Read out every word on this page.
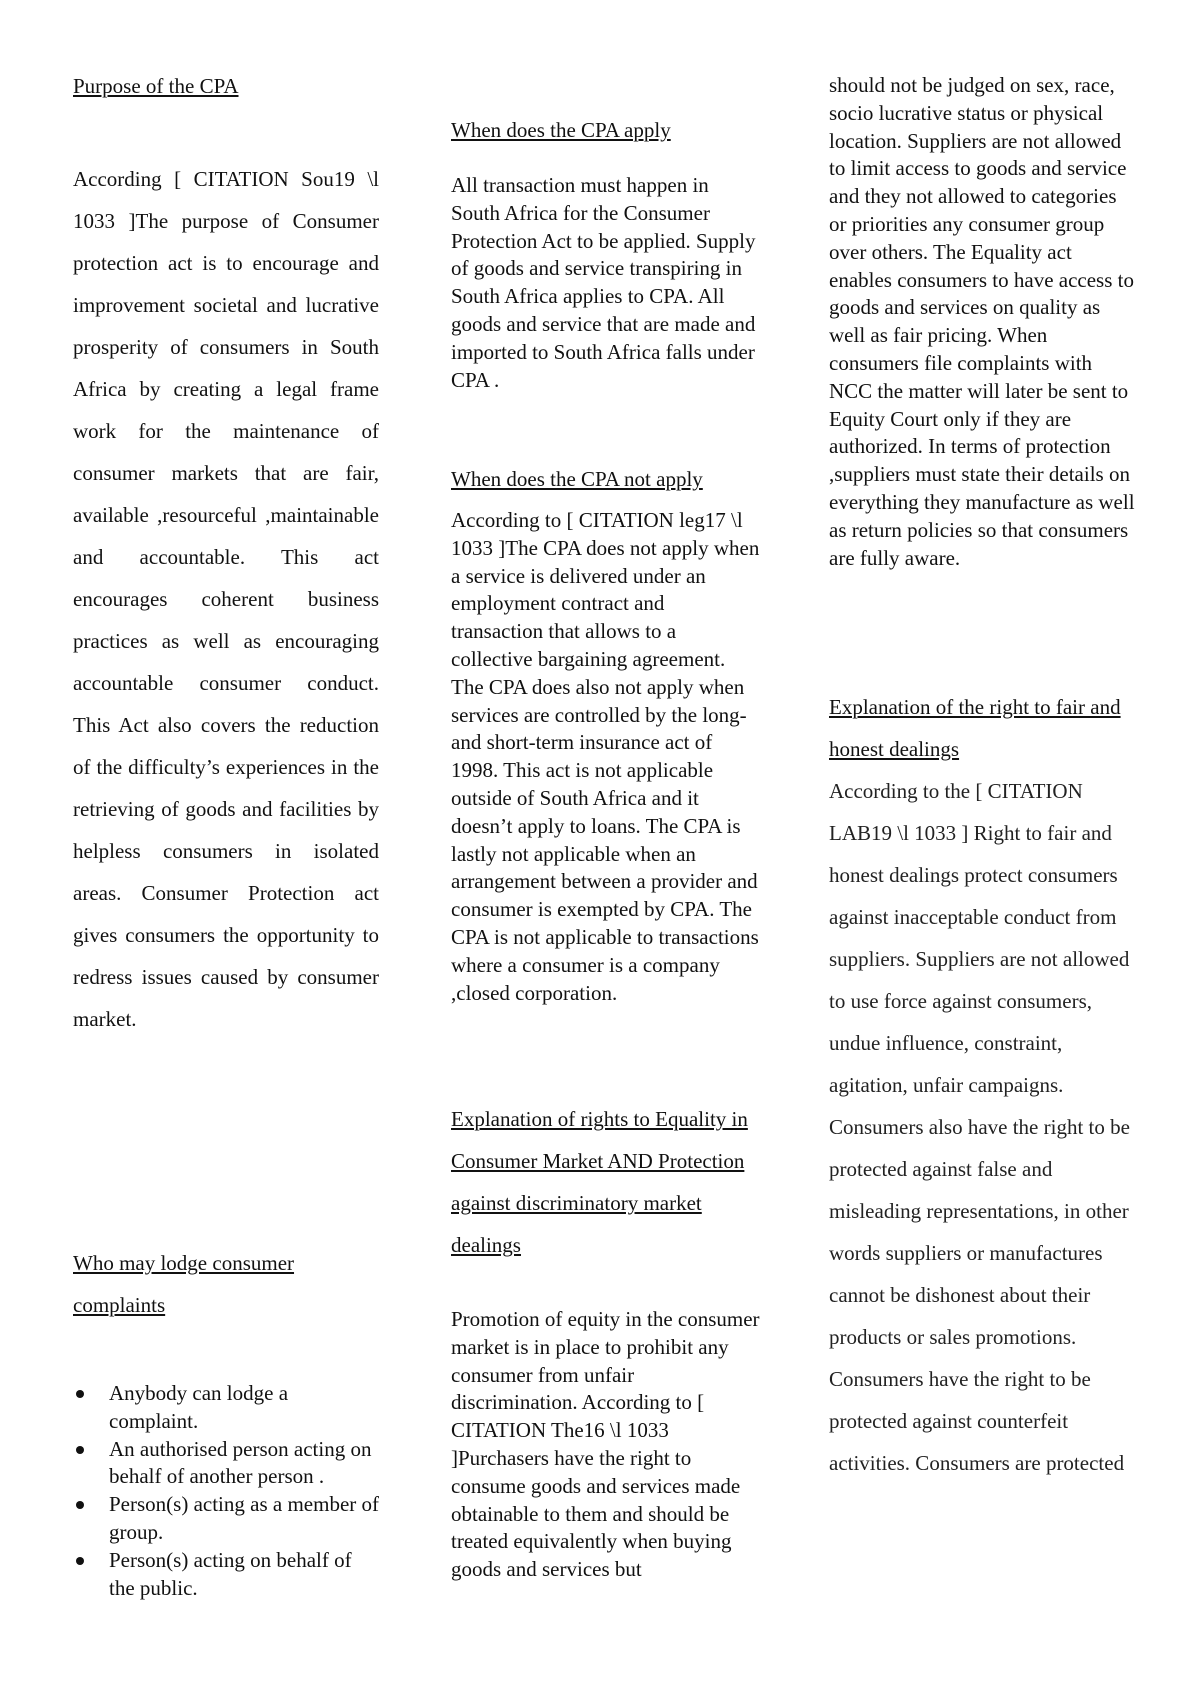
Purpose of the CPA
According [ CITATION Sou19 \l 1033 ]The purpose of Consumer protection act is to encourage and improvement societal and lucrative prosperity of consumers in South Africa by creating a legal frame work for the maintenance of consumer markets that are fair, available ,resourceful ,maintainable and accountable. This act encourages coherent business practices as well as encouraging accountable consumer conduct. This Act also covers the reduction of the difficulty’s experiences in the retrieving of goods and facilities by helpless consumers in isolated areas. Consumer Protection act gives consumers the opportunity to redress issues caused by consumer market.
Who may lodge consumer complaints
Anybody can lodge a complaint.
An authorised person acting on behalf of another person .
Person(s) acting as a member of group.
Person(s) acting on behalf of the public.
When does the CPA apply
All transaction must happen in South Africa for the Consumer Protection Act to be applied. Supply of goods and service transpiring in South Africa applies to CPA. All goods and service that are made and imported to South Africa falls under CPA .
When does the CPA not apply
According to [ CITATION leg17 \l 1033 ]The CPA does not apply when a service is delivered under an employment contract and transaction that allows to a collective bargaining agreement. The CPA does also not apply when services are controlled by the long- and short-term insurance act of 1998. This act is not applicable outside of South Africa and it doesn’t apply to loans. The CPA is lastly not applicable when an arrangement between a provider and consumer is exempted by CPA. The CPA is not applicable to transactions where a consumer is a company ,closed corporation.
Explanation of rights to Equality in Consumer Market AND Protection against discriminatory market dealings
Promotion of equity in the consumer market is in place to prohibit any consumer from unfair discrimination. According to [ CITATION The16 \l 1033 ]Purchasers have the right to consume goods and services made obtainable to them and should be treated equivalently when buying goods and services but
should not be judged on sex, race, socio lucrative status or physical location. Suppliers are not allowed to limit access to goods and service and they not allowed to categories or priorities any consumer group over others. The Equality act enables consumers to have access to goods and services on quality as well as fair pricing. When consumers file complaints with NCC the matter will later be sent to Equity Court only if they are authorized. In terms of protection ,suppliers must state their details on everything they manufacture as well as return policies so that consumers are fully aware.
Explanation of the right to fair and honest dealings
According to the [ CITATION LAB19 \l 1033 ] Right to fair and honest dealings protect consumers against inacceptable conduct from suppliers. Suppliers are not allowed to use force against consumers, undue influence, constraint, agitation, unfair campaigns. Consumers also have the right to be protected against false and misleading representations, in other words suppliers or manufactures cannot be dishonest about their products or sales promotions. Consumers have the right to be protected against counterfeit activities. Consumers are protected
